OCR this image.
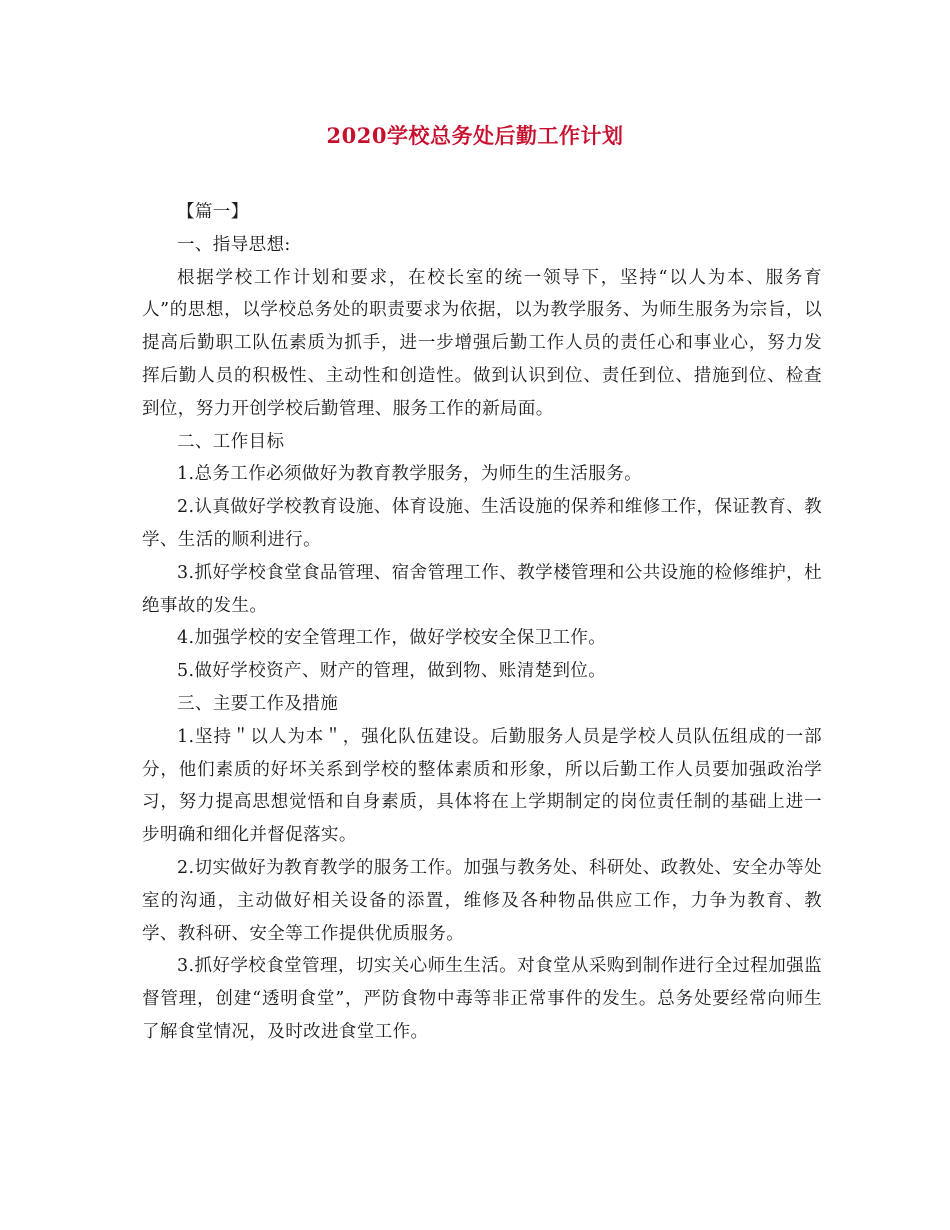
2020学校总务处后勤工作计划

【篇一】

一、指导思想:

根据学校工作计划和要求，在校长室的统一领导下，坚持“以人为本、服务育人”的思想，以学校总务处的职责要求为依据，以为教学服务、为师生服务为宗旨，以提高后勤职工队伍素质为抓手，进一步增强后勤工作人员的责任心和事业心，努力发挥后勤人员的积极性、主动性和创造性。做到认识到位、责任到位、措施到位、检查到位，努力开创学校后勤管理、服务工作的新局面。

二、工作目标

1.总务工作必须做好为教育教学服务，为师生的生活服务。

2.认真做好学校教育设施、体育设施、生活设施的保养和维修工作，保证教育、教学、生活的顺利进行。

3.抓好学校食堂食品管理、宿舍管理工作、教学楼管理和公共设施的检修维护，杜绝事故的发生。

4.加强学校的安全管理工作，做好学校安全保卫工作。

5.做好学校资产、财产的管理，做到物、账清楚到位。

三、主要工作及措施

1.坚持＂以人为本＂，强化队伍建设。后勤服务人员是学校人员队伍组成的一部分，他们素质的好坏关系到学校的整体素质和形象，所以后勤工作人员要加强政治学习，努力提高思想觉悟和自身素质，具体将在上学期制定的岗位责任制的基础上进一步明确和细化并督促落实。

2.切实做好为教育教学的服务工作。加强与教务处、科研处、政教处、安全办等处室的沟通，主动做好相关设备的添置，维修及各种物品供应工作，力争为教育、教学、教科研、安全等工作提供优质服务。

3.抓好学校食堂管理，切实关心师生生活。对食堂从采购到制作进行全过程加强监督管理，创建“透明食堂”，严防食物中毒等非正常事件的发生。总务处要经常向师生了解食堂情况，及时改进食堂工作。
